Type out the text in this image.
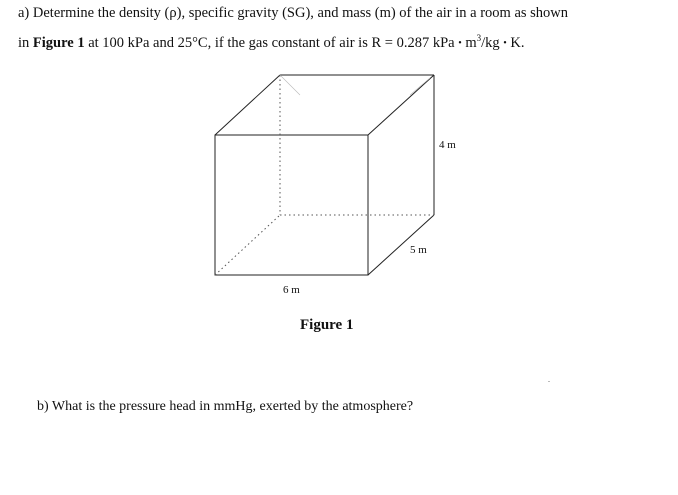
a) Determine the density (ρ), specific gravity (SG), and mass (m) of the air in a room as shown
in Figure 1 at 100 kPa and 25°C, if the gas constant of air is R = 0.287 kPa • $m^3/kg$ • K.
4 m
5 m
6 m
Figure 1
b) What is the pressure head in mmHg, exerted by the atmosphere?
